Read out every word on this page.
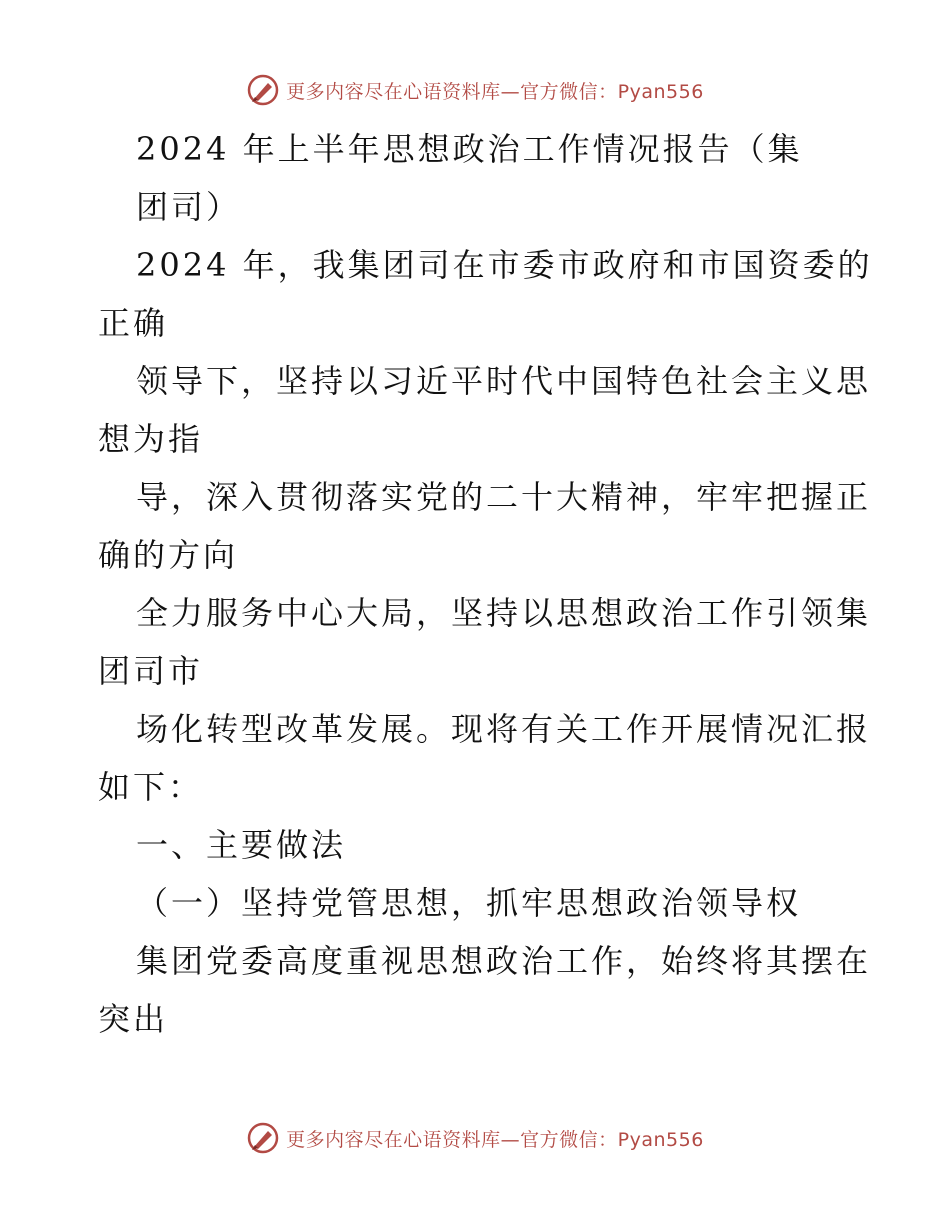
更多内容尽在心语资料库—官方微信：Pyan556
2024 年上半年思想政治工作情况报告（集
团司）
2024 年，我集团司在市委市政府和市国资委的
正确
领导下，坚持以习近平时代中国特色社会主义思
想为指
导，深入贯彻落实党的二十大精神，牢牢把握正
确的方向
全力服务中心大局，坚持以思想政治工作引领集
团司市
场化转型改革发展。现将有关工作开展情况汇报
如下：
一、主要做法
（一）坚持党管思想，抓牢思想政治领导权
集团党委高度重视思想政治工作，始终将其摆在
突出
更多内容尽在心语资料库—官方微信：Pyan556
